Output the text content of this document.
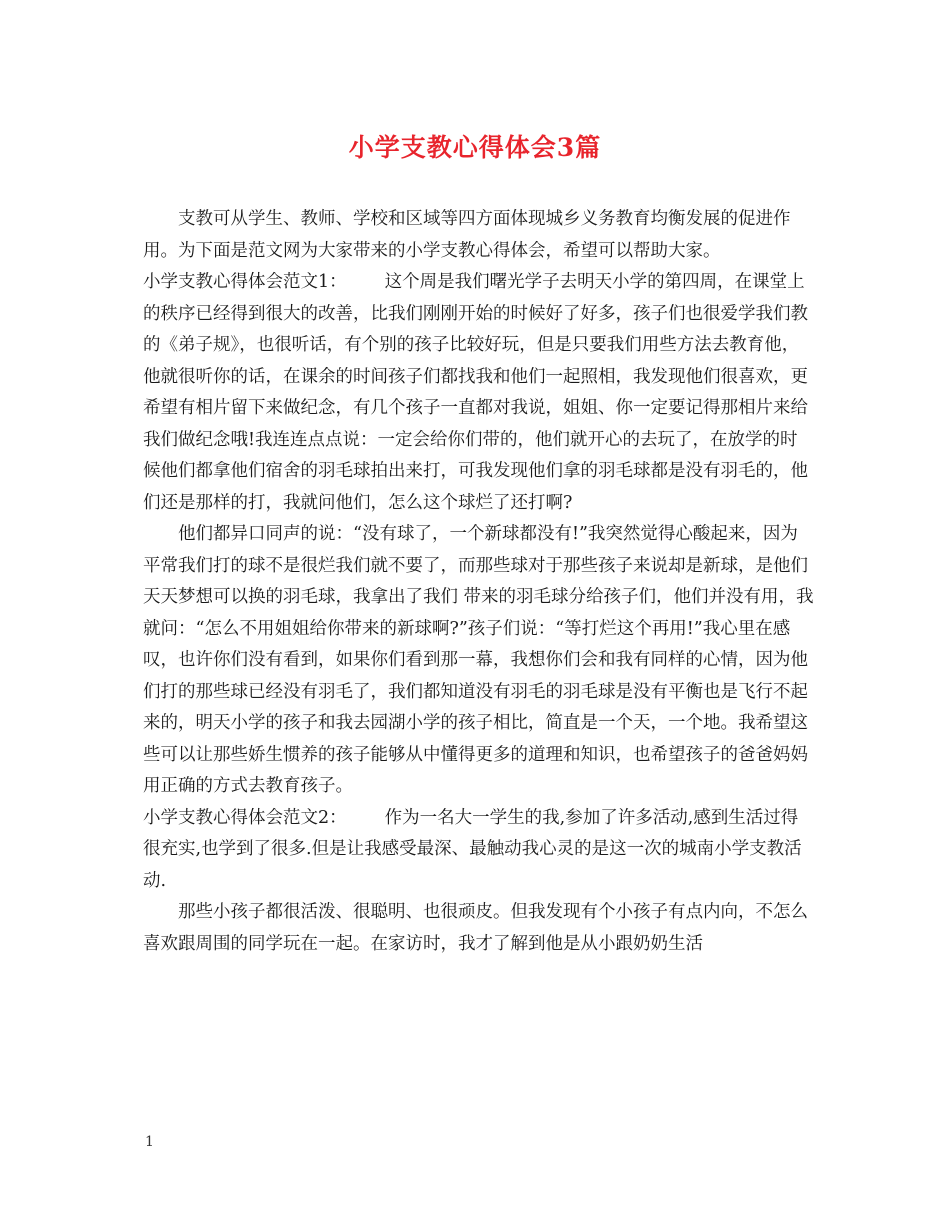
小学支教心得体会3篇

支教可从学生、教师、学校和区域等四方面体现城乡义务教育均衡发展的促进作用。为下面是范文网为大家带来的小学支教心得体会，希望可以帮助大家。

小学支教心得体会范文1： 这个周是我们曙光学子去明天小学的第四周，在课堂上的秩序已经得到很大的改善，比我们刚刚开始的时候好了好多，孩子们也很爱学我们教的《弟子规》，也很听话，有个别的孩子比较好玩，但是只要我们用些方法去教育他，他就很听你的话，在课余的时间孩子们都找我和他们一起照相，我发现他们很喜欢，更希望有相片留下来做纪念，有几个孩子一直都对我说，姐姐、你一定要记得那相片来给我们做纪念哦!我连连点点说：一定会给你们带的，他们就开心的去玩了，在放学的时候他们都拿他们宿舍的羽毛球拍出来打，可我发现他们拿的羽毛球都是没有羽毛的，他们还是那样的打，我就问他们，怎么这个球烂了还打啊?

他们都异口同声的说：“没有球了，一个新球都没有!”我突然觉得心酸起来，因为平常我们打的球不是很烂我们就不要了，而那些球对于那些孩子来说却是新球，是他们天天梦想可以换的羽毛球，我拿出了我们 带来的羽毛球分给孩子们，他们并没有用，我就问：“怎么不用姐姐给你带来的新球啊?”孩子们说：“等打烂这个再用!”我心里在感叹，也许你们没有看到，如果你们看到那一幕，我想你们会和我有同样的心情，因为他们打的那些球已经没有羽毛了，我们都知道没有羽毛的羽毛球是没有平衡也是飞行不起来的，明天小学的孩子和我去园湖小学的孩子相比，简直是一个天，一个地。我希望这些可以让那些娇生惯养的孩子能够从中懂得更多的道理和知识，也希望孩子的爸爸妈妈用正确的方式去教育孩子。

小学支教心得体会范文2： 作为一名大一学生的我,参加了许多活动,感到生活过得很充实,也学到了很多.但是让我感受最深、最触动我心灵的是这一次的城南小学支教活动.

那些小孩子都很活泼、很聪明、也很顽皮。但我发现有个小孩子有点内向，不怎么喜欢跟周围的同学玩在一起。在家访时，我才了解到他是从小跟奶奶生活

1
